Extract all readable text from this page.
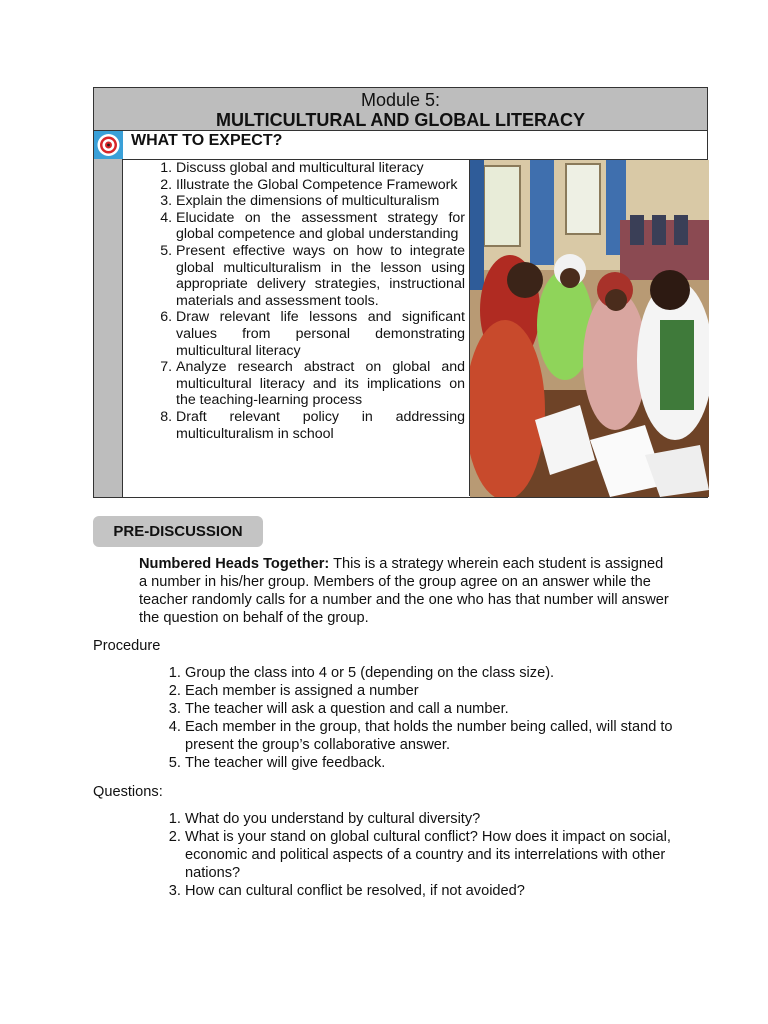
Module 5:
MULTICULTURAL AND GLOBAL LITERACY
WHAT TO EXPECT?
1. Discuss global and multicultural literacy
2. Illustrate the Global Competence Framework
3. Explain the dimensions of multiculturalism
4. Elucidate on the assessment strategy for global competence and global understanding
5. Present effective ways on how to integrate global multiculturalism in the lesson using appropriate delivery strategies, instructional materials and assessment tools.
6. Draw relevant life lessons and significant values from personal demonstrating multicultural literacy
7. Analyze research abstract on global and multicultural literacy and its implications on the teaching-learning process
8. Draft relevant policy in addressing multiculturalism in school
PRE-DISCUSSION
Numbered Heads Together: This is a strategy wherein each student is assigned a number in his/her group. Members of the group agree on an answer while the teacher randomly calls for a number and the one who has that number will answer the question on behalf of the group.
Procedure
1. Group the class into 4 or 5 (depending on the class size).
2. Each member is assigned a number
3. The teacher will ask a question and call a number.
4. Each member in the group, that holds the number being called, will stand to present the group’s collaborative answer.
5. The teacher will give feedback.
Questions:
1. What do you understand by cultural diversity?
2. What is your stand on global cultural conflict? How does it impact on social, economic and political aspects of a country and its interrelations with other nations?
3. How can cultural conflict be resolved, if not avoided?
